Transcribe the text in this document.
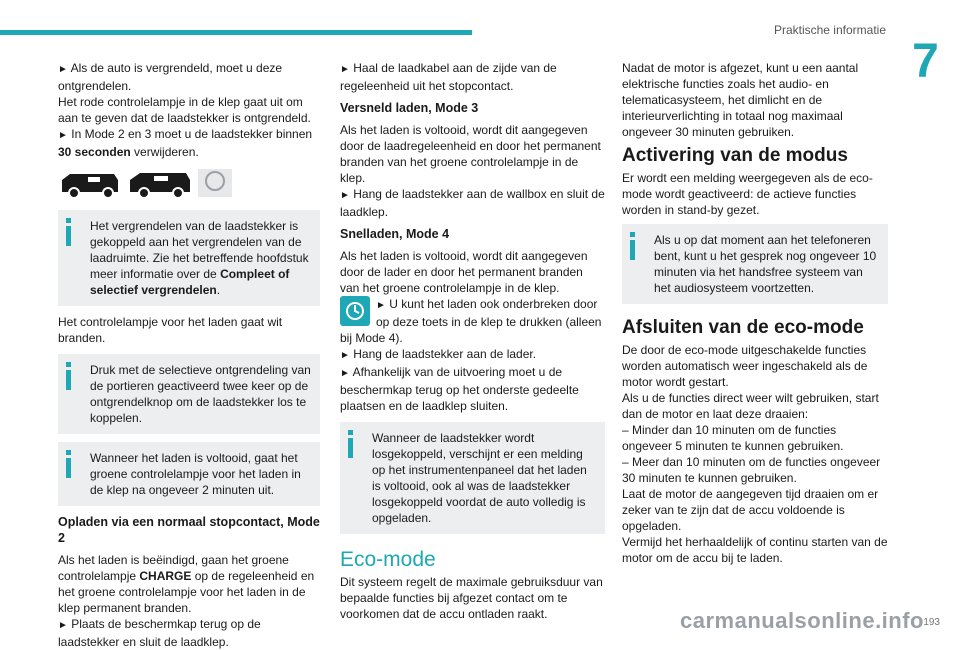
Praktische informatie
7

► Als de auto is vergrendeld, moet u deze ontgrendelen.

Het rode controlelampje in de klep gaat uit om aan te geven dat de laadstekker is ontgrendeld.

► In Mode 2 en 3 moet u de laadstekker binnen 30 seconden verwijderen.

Het vergrendelen van de laadstekker is gekoppeld aan het vergrendelen van de laadruimte. Zie het betreffende hoofdstuk meer informatie over de Compleet of selectief vergrendelen.

Het controlelampje voor het laden gaat wit branden.

Druk met de selectieve ontgrendeling van de portieren geactiveerd twee keer op de ontgrendelknop om de laadstekker los te koppelen.

Wanneer het laden is voltooid, gaat het groene controlelampje voor het laden in de klep na ongeveer 2 minuten uit.

Opladen via een normaal stopcontact, Mode 2

Als het laden is beëindigd, gaan het groene controlelampje CHARGE op de regeleenheid en het groene controlelampje voor het laden in de klep permanent branden.

► Plaats de beschermkap terug op de laadstekker en sluit de laadklep.

► Haal de laadkabel aan de zijde van de regeleenheid uit het stopcontact.

Versneld laden, Mode 3

Als het laden is voltooid, wordt dit aangegeven door de laadregeleenheid en door het permanent branden van het groene controlelampje in de klep.

► Hang de laadstekker aan de wallbox en sluit de laadklep.

Snelladen, Mode 4

Als het laden is voltooid, wordt dit aangegeven door de lader en door het permanent branden van het groene controlelampje in de klep.

► U kunt het laden ook onderbreken door op deze toets in de klep te drukken (alleen bij Mode 4).

► Hang de laadstekker aan de lader.

► Afhankelijk van de uitvoering moet u de beschermkap terug op het onderste gedeelte plaatsen en de laadklep sluiten.

Wanneer de laadstekker wordt losgekoppeld, verschijnt er een melding op het instrumentenpaneel dat het laden is voltooid, ook al was de laadstekker losgekoppeld voordat de auto volledig is opgeladen.

Eco-mode

Dit systeem regelt de maximale gebruiksduur van bepaalde functies bij afgezet contact om te voorkomen dat de accu ontladen raakt.

Nadat de motor is afgezet, kunt u een aantal elektrische functies zoals het audio- en telematicasysteem, het dimlicht en de interieurverlichting in totaal nog maximaal ongeveer 30 minuten gebruiken.

Activering van de modus

Er wordt een melding weergegeven als de eco-mode wordt geactiveerd: de actieve functies worden in stand-by gezet.

Als u op dat moment aan het telefoneren bent, kunt u het gesprek nog ongeveer 10 minuten via het handsfree systeem van het audiosysteem voortzetten.

Afsluiten van de eco-mode

De door de eco-mode uitgeschakelde functies worden automatisch weer ingeschakeld als de motor wordt gestart.

Als u de functies direct weer wilt gebruiken, start dan de motor en laat deze draaien:

– Minder dan 10 minuten om de functies ongeveer 5 minuten te kunnen gebruiken.

– Meer dan 10 minuten om de functies ongeveer 30 minuten te kunnen gebruiken.

Laat de motor de aangegeven tijd draaien om er zeker van te zijn dat de accu voldoende is opgeladen.

Vermijd het herhaaldelijk of continu starten van de motor om de accu bij te laden.

carmanualsonline.info 193
